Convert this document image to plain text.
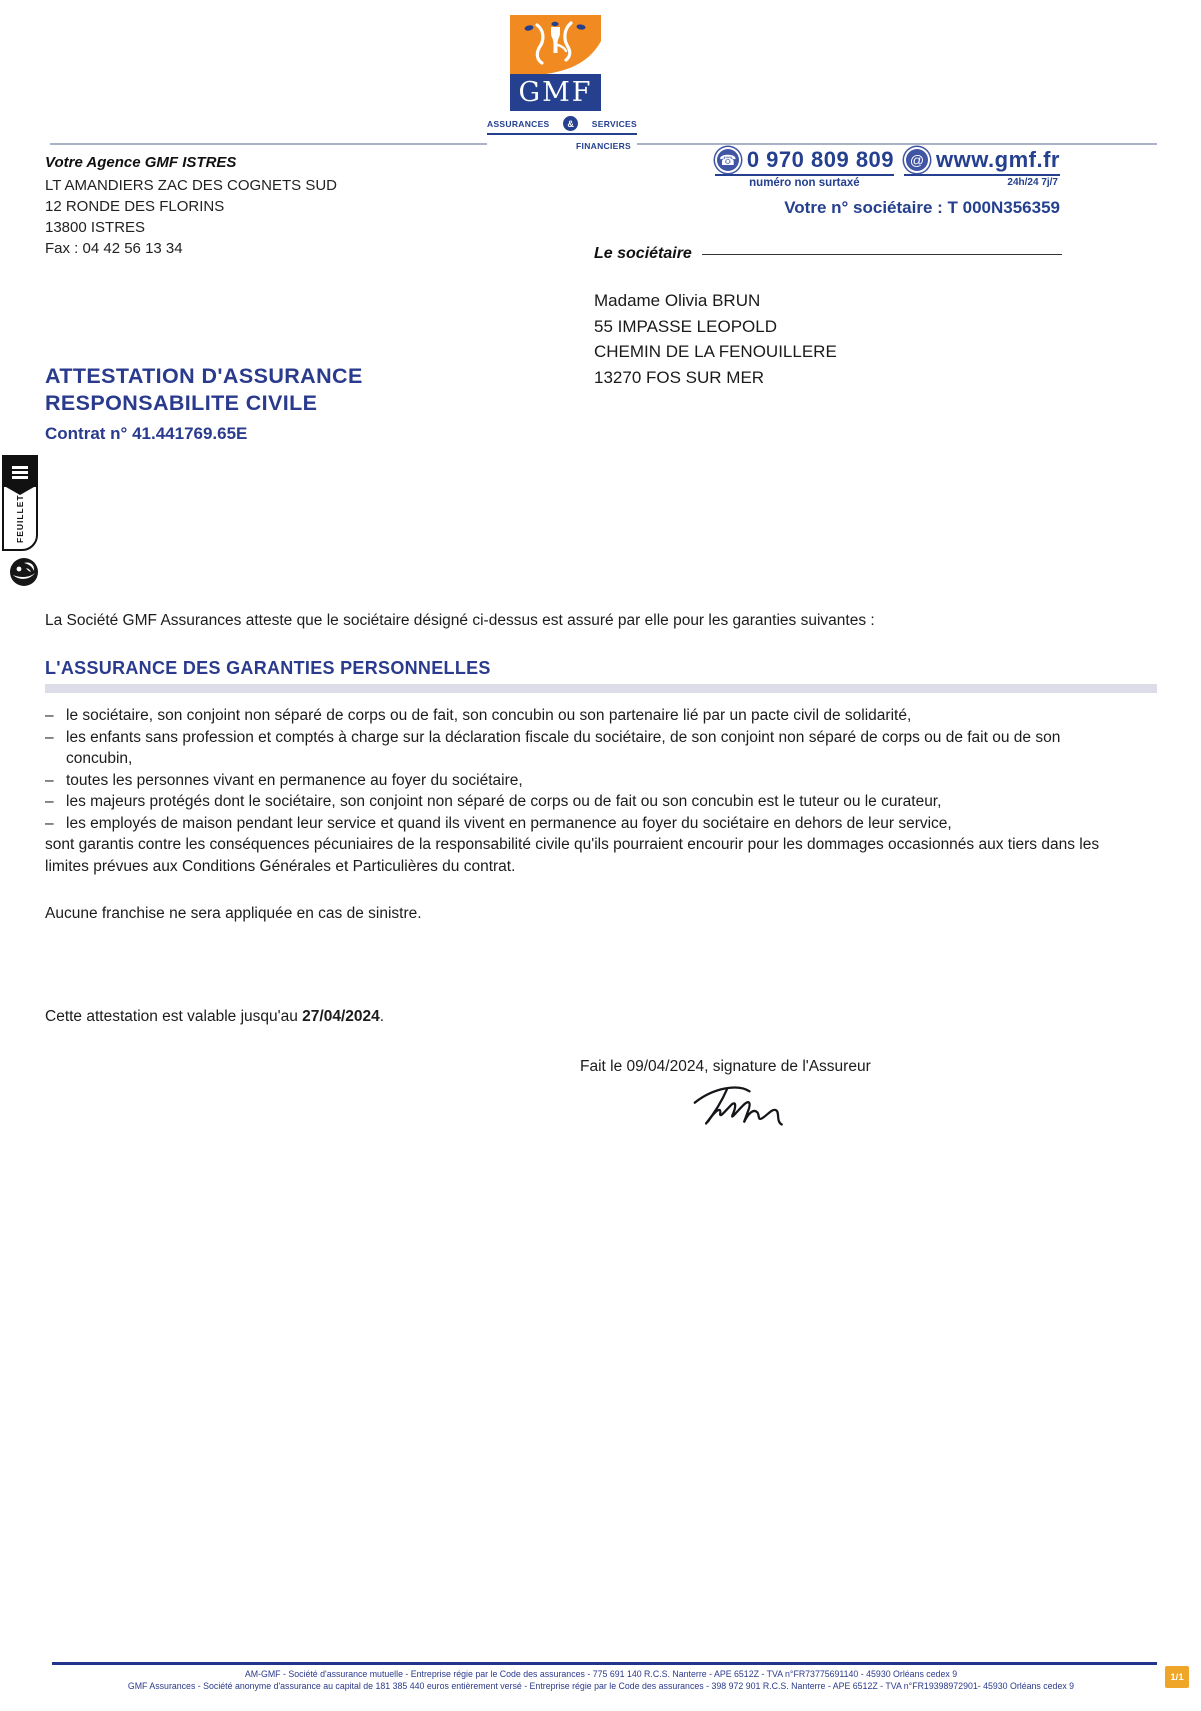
GMF
ASSURANCES	&	SERVICES
FINANCIERS
Votre Agence GMF ISTRES
LT AMANDIERS ZAC DES COGNETS SUD
12 RONDE DES FLORINS
13800 ISTRES
Fax : 04 42 56 13 34
☎ 0 970 809 809
numéro non surtaxé
@ www.gmf.fr
24h/24 7j/7
Votre n° sociétaire : T 000N356359
Le sociétaire
Madame Olivia BRUN
55 IMPASSE LEOPOLD
CHEMIN DE LA FENOUILLERE
13270 FOS SUR MER
ATTESTATION D'ASSURANCE
RESPONSABILITE CIVILE
Contrat n° 41.441769.65E
FEUILLET

La Société GMF Assurances atteste que le sociétaire désigné ci-dessus est assuré par elle pour les garanties suivantes :

L'ASSURANCE DES GARANTIES PERSONNELLES
– le sociétaire, son conjoint non séparé de corps ou de fait, son concubin ou son partenaire lié par un pacte civil de solidarité,
– les enfants sans profession et comptés à charge sur la déclaration fiscale du sociétaire, de son conjoint non séparé de corps ou de fait ou de son concubin,
– toutes les personnes vivant en permanence au foyer du sociétaire,
– les majeurs protégés dont le sociétaire, son conjoint non séparé de corps ou de fait ou son concubin est le tuteur ou le curateur,
– les employés de maison pendant leur service et quand ils vivent en permanence au foyer du sociétaire en dehors de leur service,

sont garantis contre les conséquences pécuniaires de la responsabilité civile qu'ils pourraient encourir pour les dommages occasionnés aux tiers dans les limites prévues aux Conditions Générales et Particulières du contrat.

Aucune franchise ne sera appliquée en cas de sinistre.

Cette attestation est valable jusqu'au 27/04/2024.

Fait le 09/04/2024, signature de l'Assureur

AM-GMF - Société d'assurance mutuelle - Entreprise régie par le Code des assurances - 775 691 140 R.C.S. Nanterre - APE 6512Z - TVA n°FR73775691140 - 45930 Orléans cedex 9
GMF Assurances - Société anonyme d'assurance au capital de 181 385 440 euros entièrement versé - Entreprise régie par le Code des assurances - 398 972 901 R.C.S. Nanterre - APE 6512Z - TVA n°FR19398972901- 45930 Orléans cedex 9
1/1
